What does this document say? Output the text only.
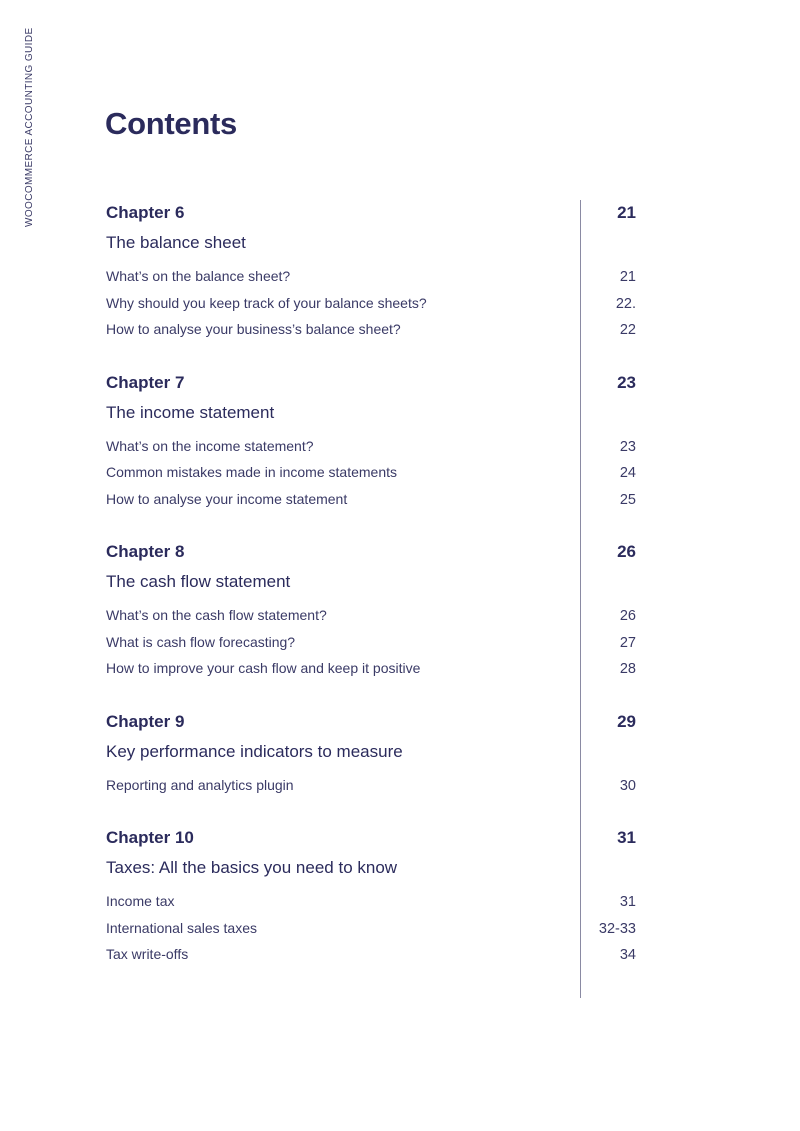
WOOCOMMERCE ACCOUNTING GUIDE Contents
Chapter 6	21
The balance sheet
What’s on the balance sheet?	21
Why should you keep track of your balance sheets?	22.
How to analyse your business’s balance sheet?	22
Chapter 7	23
The income statement
What’s on the income statement?	23
Common mistakes made in income statements	24
How to analyse your income statement	25
Chapter 8	26
The cash flow statement
What’s on the cash flow statement?	26
What is cash flow forecasting?	27
How to improve your cash flow and keep it positive	28
Chapter 9	29
Key performance indicators to measure
Reporting and analytics plugin	30
Chapter 10	31
Taxes: All the basics you need to know
Income tax	31
International sales taxes	32-33
Tax write-offs	34
